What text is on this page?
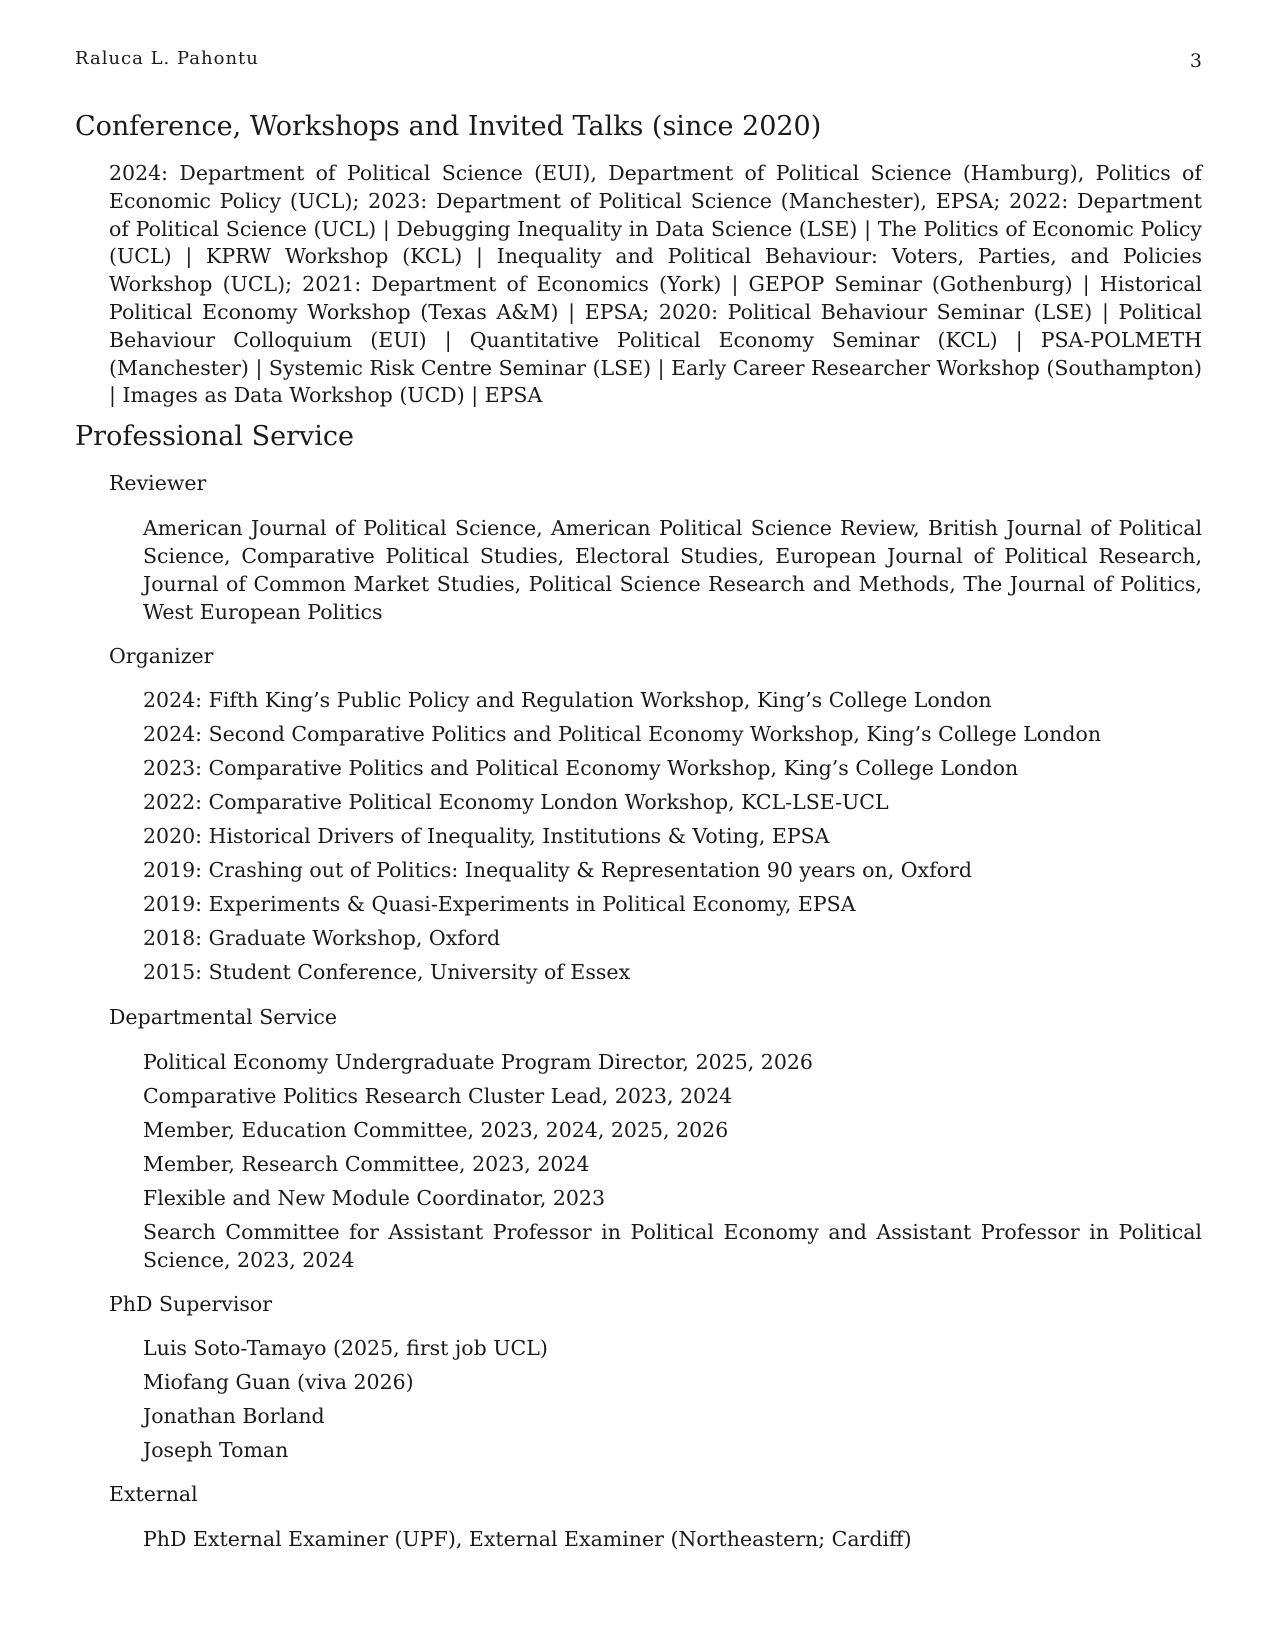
Raluca L. Pahontu	3
Conference, Workshops and Invited Talks (since 2020)

2024: Department of Political Science (EUI), Department of Political Science (Hamburg), Politics of Economic Policy (UCL); 2023: Department of Political Science (Manchester), EPSA; 2022: Department of Political Science (UCL) | Debugging Inequality in Data Science (LSE) | The Politics of Economic Policy (UCL) | KPRW Workshop (KCL) | Inequality and Political Behaviour: Voters, Parties, and Policies Workshop (UCL); 2021: Department of Economics (York) | GEPOP Seminar (Gothenburg) | Historical Political Economy Workshop (Texas A&M) | EPSA; 2020: Political Behaviour Seminar (LSE) | Political Behaviour Colloquium (EUI) | Quantitative Political Economy Seminar (KCL) | PSA-POLMETH (Manchester) | Systemic Risk Centre Seminar (LSE) | Early Career Researcher Workshop (Southampton) | Images as Data Workshop (UCD) | EPSA

Professional Service
Reviewer

American Journal of Political Science, American Political Science Review, British Journal of Political Science, Comparative Political Studies, Electoral Studies, European Journal of Political Research, Journal of Common Market Studies, Political Science Research and Methods, The Journal of Politics, West European Politics

Organizer
2024: Fifth King’s Public Policy and Regulation Workshop, King’s College London
2024: Second Comparative Politics and Political Economy Workshop, King’s College London
2023: Comparative Politics and Political Economy Workshop, King’s College London
2022: Comparative Political Economy London Workshop, KCL-LSE-UCL
2020: Historical Drivers of Inequality, Institutions & Voting, EPSA
2019: Crashing out of Politics: Inequality & Representation 90 years on, Oxford
2019: Experiments & Quasi-Experiments in Political Economy, EPSA
2018: Graduate Workshop, Oxford
2015: Student Conference, University of Essex
Departmental Service
Political Economy Undergraduate Program Director, 2025, 2026
Comparative Politics Research Cluster Lead, 2023, 2024
Member, Education Committee, 2023, 2024, 2025, 2026
Member, Research Committee, 2023, 2024
Flexible and New Module Coordinator, 2023
Search Committee for Assistant Professor in Political Economy and Assistant Professor in Political Science, 2023, 2024
PhD Supervisor
Luis Soto-Tamayo (2025, first job UCL)
Miofang Guan (viva 2026)
Jonathan Borland
Joseph Toman
External

PhD External Examiner (UPF), External Examiner (Northeastern; Cardiff)
